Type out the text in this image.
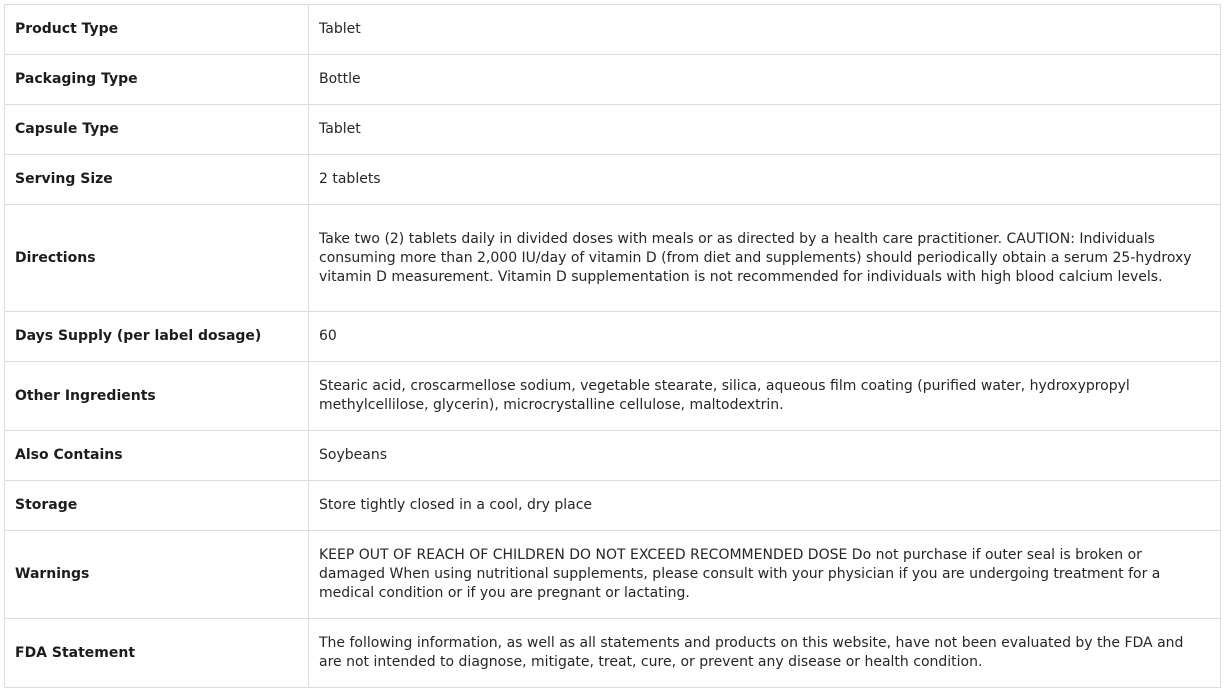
Product Type	Tablet
Packaging Type	Bottle
Capsule Type	Tablet
Serving Size	2 tablets
Directions	Take two (2) tablets daily in divided doses with meals or as directed by a health care practitioner. CAUTION: Individuals consuming more than 2,000 IU/day of vitamin D (from diet and supplements) should periodically obtain a serum 25-hydroxy vitamin D measurement. Vitamin D supplementation is not recommended for individuals with high blood calcium levels.
Days Supply (per label dosage)	60
Other Ingredients	Stearic acid, croscarmellose sodium, vegetable stearate, silica, aqueous film coating (purified water, hydroxypropyl methylcellilose, glycerin), microcrystalline cellulose, maltodextrin.
Also Contains	Soybeans
Storage	Store tightly closed in a cool, dry place
Warnings	KEEP OUT OF REACH OF CHILDREN DO NOT EXCEED RECOMMENDED DOSE Do not purchase if outer seal is broken or damaged When using nutritional supplements, please consult with your physician if you are undergoing treatment for a medical condition or if you are pregnant or lactating.
FDA Statement	The following information, as well as all statements and products on this website, have not been evaluated by the FDA and are not intended to diagnose, mitigate, treat, cure, or prevent any disease or health condition.
